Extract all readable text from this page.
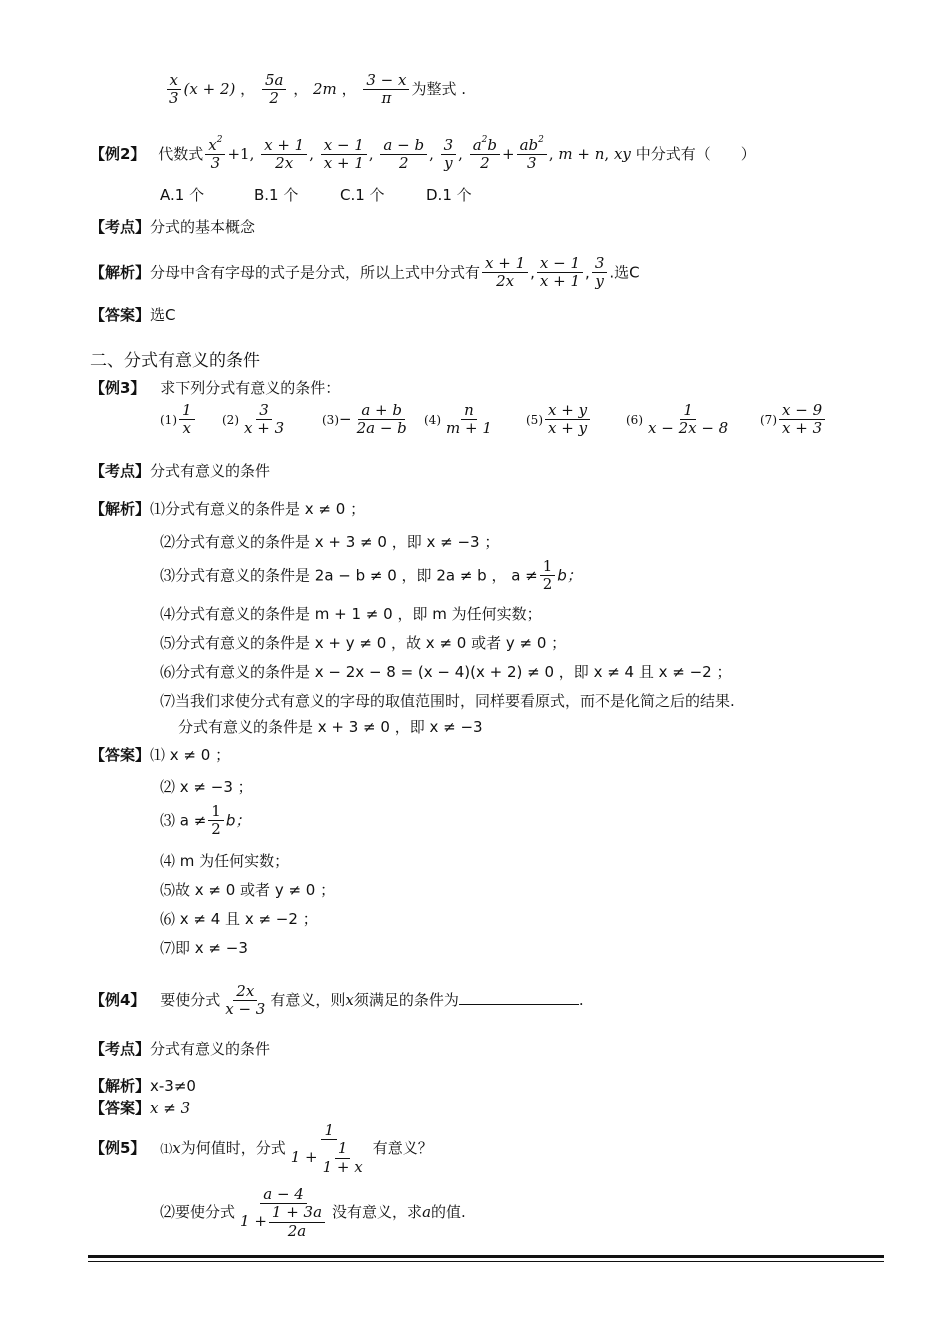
$\frac{x}{3} (x + 2)$ ， $\frac{5a}{2}$ ， 2m ， $\frac{3 - x}{\pi}$ 为整式 .
【例2】 代数式 $\frac{x^2}{3} +1$, $\frac{x + 1}{2x}$ , $\frac{x - 1}{x + 1}$ , $\frac{a - b}{2}$ , $\frac{3}{y}$ , $\frac{a^2b}{2} + \frac{ab^2}{3}$ , m + n, xy 中分式有（　　）
A.1 个	B.1 个	C.1 个	D.1 个
【考点】分式的基本概念
【解析】分母中含有字母的式子是分式，所以上式中分式有 $\frac{x + 1}{2x}$ , $\frac{x - 1}{x + 1}$ , $\frac{3}{y}$ .选C
【答案】选C
二、分式有意义的条件
【例3】 求下列分式有意义的条件：
$(1) \frac{1}{x} (2) \frac{3}{x + 3}$	$(3)- \frac{a + b}{2a - b} (4) \frac{n}{m + 1}$	$(5) \frac{x + y}{x + y}$	$(6) \frac{1}{x - 2x - 8} (7) \frac{x - 9}{x + 3}$
【考点】分式有意义的条件
【解析】⑴分式有意义的条件是 x ≠ 0 ；
⑵分式有意义的条件是 x + 3 ≠ 0 ，即 x ≠ −3 ；
⑶分式有意义的条件是 2a − b ≠ 0 ，即 2a ≠ b ， $a \ne \frac{1}{2}$ b；
⑷分式有意义的条件是 m + 1 ≠ 0 ，即 m 为任何实数；
⑸分式有意义的条件是 x + y ≠ 0 ，故 x ≠ 0 或者 y ≠ 0 ；
⑹分式有意义的条件是 x − 2x − 8 = (x − 4)(x + 2) ≠ 0 ，即 x ≠ 4 且 x ≠ −2 ；
⑺当我们求使分式有意义的字母的取值范围时，同样要看原式，而不是化简之后的结果.
分式有意义的条件是 x + 3 ≠ 0 ，即 x ≠ −3
【答案】⑴ x ≠ 0 ；
⑵ x ≠ −3 ；
⑶ $a \ne \frac{1}{2}$ b；
⑷ m 为任何实数；
⑸故 x ≠ 0 或者 y ≠ 0 ；
⑹ x ≠ 4 且 x ≠ −2 ；
⑺即 x ≠ −3
【例4】 要使分式 $\frac{2x}{x - 3}$ 有意义，则x须满足的条件为	.
【考点】分式有意义的条件
【解析】x-3≠0
【答案】x ≠ 3
【例5】 ⑴x为何值时，分式 $\frac{1}{1 + \frac{1}{1 + x}}$ 有意义？
⑵要使分式 $\frac{a - 4}{1 + \frac{1 + 3a}{2a}}$ 没有意义，求a的值.
